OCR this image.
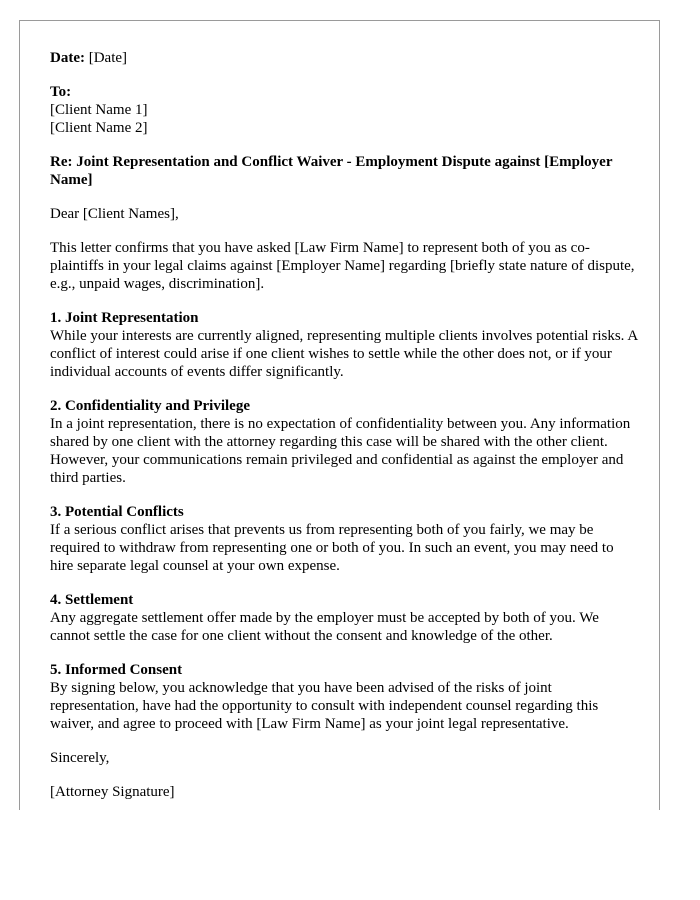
Date: [Date]

To:

[Client Name 1]

[Client Name 2]

Re: Joint Representation and Conflict Waiver - Employment Dispute against [Employer Name]

Dear [Client Names],

This letter confirms that you have asked [Law Firm Name] to represent both of you as co-plaintiffs in your legal claims against [Employer Name] regarding [briefly state nature of dispute, e.g., unpaid wages, discrimination].

1. Joint Representation

While your interests are currently aligned, representing multiple clients involves potential risks. A conflict of interest could arise if one client wishes to settle while the other does not, or if your individual accounts of events differ significantly.

2. Confidentiality and Privilege

In a joint representation, there is no expectation of confidentiality between you. Any information shared by one client with the attorney regarding this case will be shared with the other client. However, your communications remain privileged and confidential as against the employer and third parties.

3. Potential Conflicts

If a serious conflict arises that prevents us from representing both of you fairly, we may be required to withdraw from representing one or both of you. In such an event, you may need to hire separate legal counsel at your own expense.

4. Settlement

Any aggregate settlement offer made by the employer must be accepted by both of you. We cannot settle the case for one client without the consent and knowledge of the other.

5. Informed Consent

By signing below, you acknowledge that you have been advised of the risks of joint representation, have had the opportunity to consult with independent counsel regarding this waiver, and agree to proceed with [Law Firm Name] as your joint legal representative.

Sincerely,

[Attorney Signature]
